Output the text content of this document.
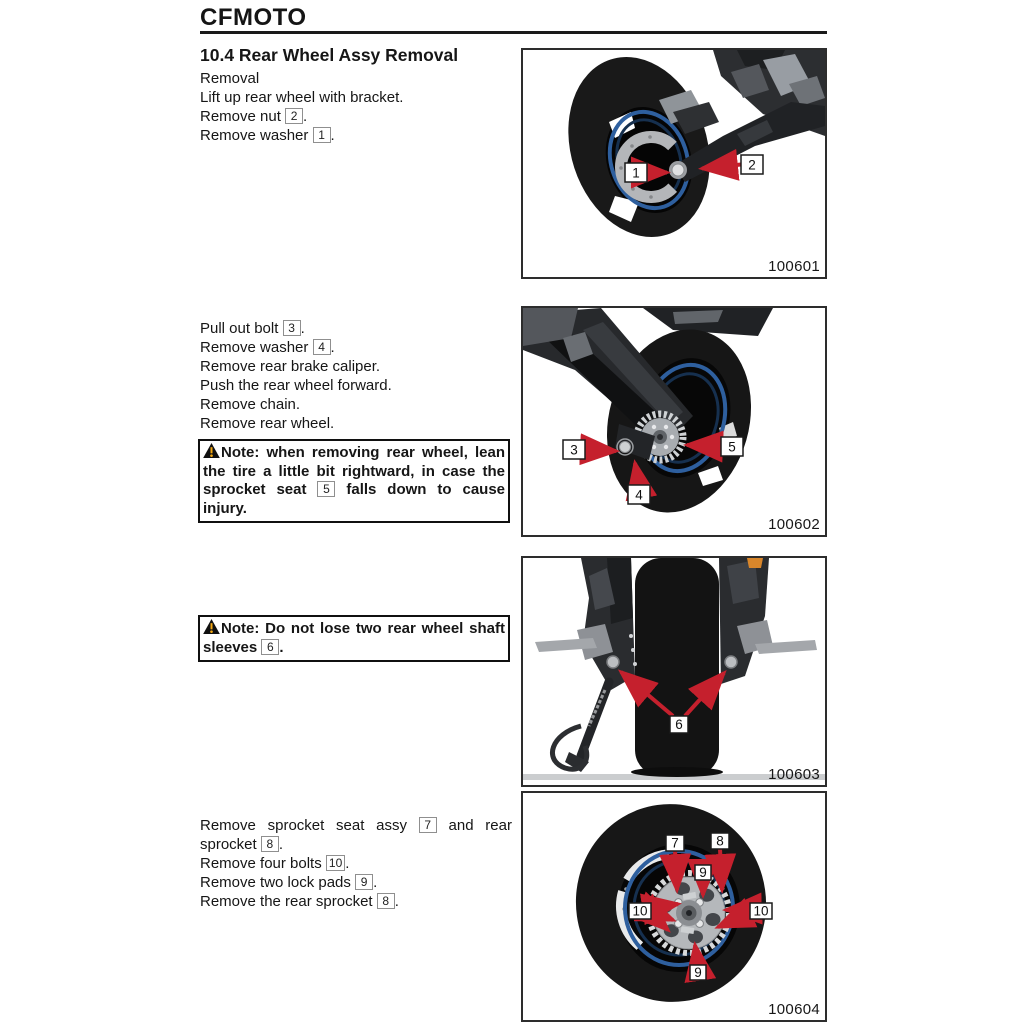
CFMOTO
10.4 Rear Wheel Assy Removal

Removal

Lift up rear wheel with bracket.

Remove nut 2 .

Remove washer 1 .

Pull out bolt 3 .

Remove washer 4 .

Remove rear brake caliper.

Push the rear wheel forward.

Remove chain.

Remove rear wheel.

Note: when removing rear wheel, lean the tire a little bit rightward, in case the sprocket seat 5 falls down to cause injury.
Note: Do not lose two rear wheel shaft sleeves 6 .

Remove sprocket seat assy 7 and rear sprocket 8 .

Remove four bolts 10 .

Remove two lock pads 9 .

Remove the rear sprocket 8 .

1
2
100601
3
4
5
100602
6
100603
7	8
9
10	10
9
100604
